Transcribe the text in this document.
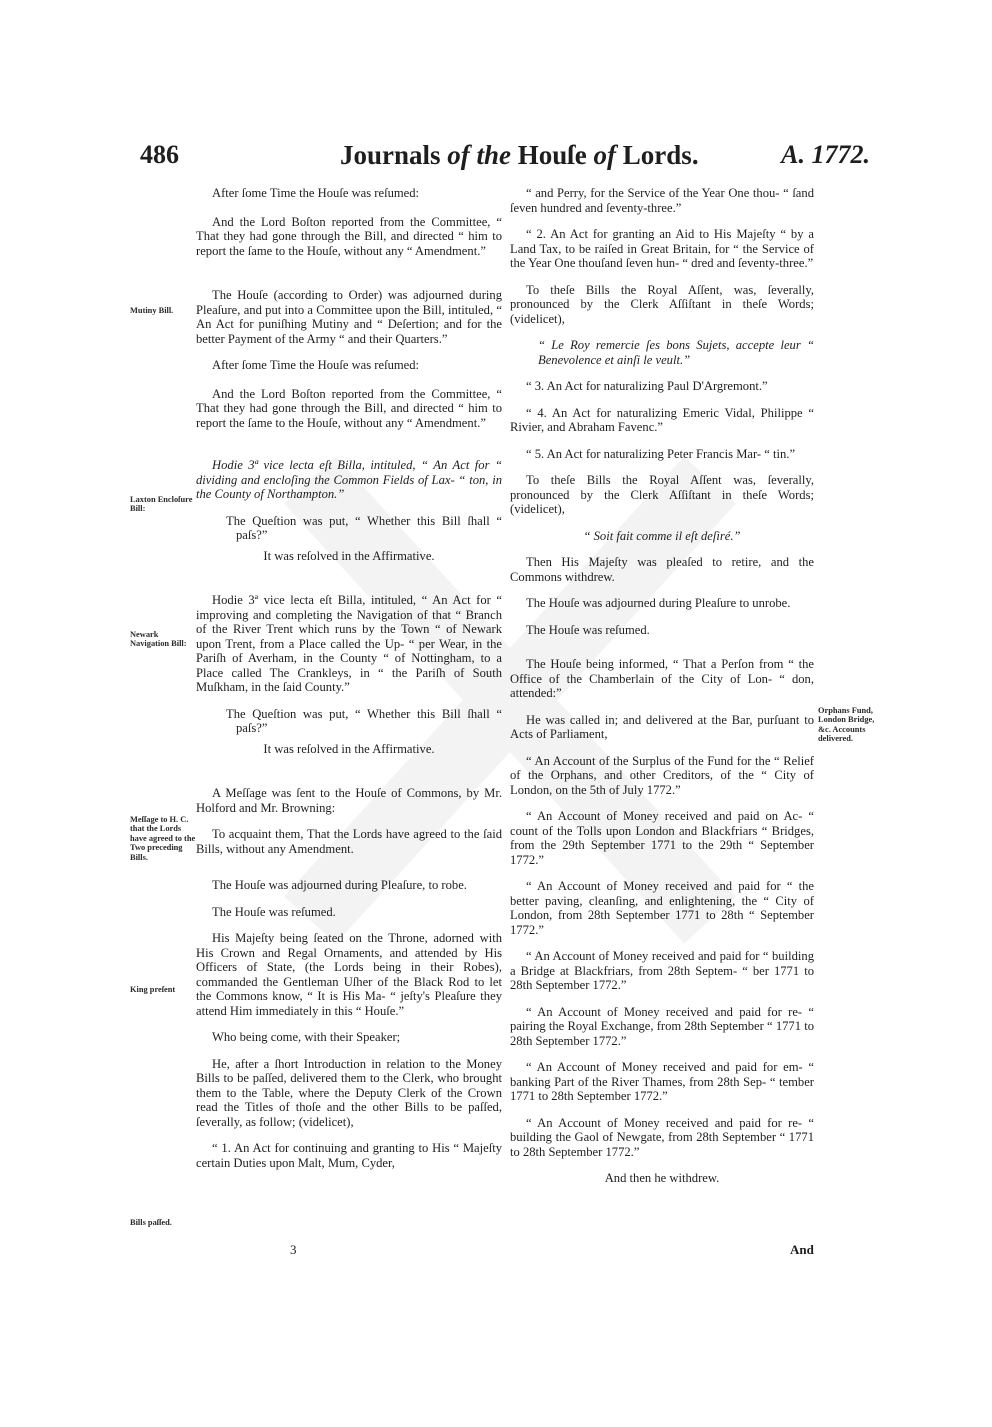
486	Journals of the Houſe of Lords.	A. 1772.
Mutiny Bill.
Laxton Encloſure Bill:
Newark Navigation Bill:
Meſſage to H. C. that the Lords have agreed to the Two preceding Bills.
King preſent
Bills paſſed.
Orphans Fund, London Bridge, &c. Accounts delivered.

After ſome Time the Houſe was reſumed:

And the Lord Boſton reported from the Committee, “ That they had gone through the Bill, and directed “ him to report the ſame to the Houſe, without any “ Amendment.”

The Houſe (according to Order) was adjourned during Pleaſure, and put into a Committee upon the Bill, intituled, “ An Act for puniſhing Mutiny and “ Deſertion; and for the better Payment of the Army “ and their Quarters.”

After ſome Time the Houſe was reſumed:

And the Lord Boſton reported from the Committee, “ That they had gone through the Bill, and directed “ him to report the ſame to the Houſe, without any “ Amendment.”

Hodie 3ª vice lecta eſt Billa, intituled, “ An Act for “ dividing and encloſing the Common Fields of Lax- “ ton, in the County of Northampton.”

The Queſtion was put, “ Whether this Bill ſhall “ paſs?”

It was reſolved in the Affirmative.

Hodie 3ª vice lecta eſt Billa, intituled, “ An Act for “ improving and completing the Navigation of that “ Branch of the River Trent which runs by the Town “ of Newark upon Trent, from a Place called the Up- “ per Wear, in the Pariſh of Averham, in the County “ of Nottingham, to a Place called The Crankleys, in “ the Pariſh of South Muſkham, in the ſaid County.”

The Queſtion was put, “ Whether this Bill ſhall “ paſs?”

It was reſolved in the Affirmative.

A Meſſage was ſent to the Houſe of Commons, by Mr. Holford and Mr. Browning:

To acquaint them, That the Lords have agreed to the ſaid Bills, without any Amendment.

The Houſe was adjourned during Pleaſure, to robe.

The Houſe was reſumed.

His Majeſty being ſeated on the Throne, adorned with His Crown and Regal Ornaments, and attended by His Officers of State, (the Lords being in their Robes), commanded the Gentleman Uſher of the Black Rod to let the Commons know, “ It is His Ma- “ jeſty's Pleaſure they attend Him immediately in this “ Houſe.”

Who being come, with their Speaker;

He, after a ſhort Introduction in relation to the Money Bills to be paſſed, delivered them to the Clerk, who brought them to the Table, where the Deputy Clerk of the Crown read the Titles of thoſe and the other Bills to be paſſed, ſeverally, as follow; (videlicet),

“ 1. An Act for continuing and granting to His “ Majeſty certain Duties upon Malt, Mum, Cyder,

“ and Perry, for the Service of the Year One thou- “ ſand ſeven hundred and ſeventy-three.”

“ 2. An Act for granting an Aid to His Majeſty “ by a Land Tax, to be raiſed in Great Britain, for “ the Service of the Year One thouſand ſeven hun- “ dred and ſeventy-three.”

To theſe Bills the Royal Aſſent, was, ſeverally, pronounced by the Clerk Aſſiſtant in theſe Words; (videlicet),

“ Le Roy remercie ſes bons Sujets, accepte leur “ Benevolence et ainſi le veult.”

“ 3. An Act for naturalizing Paul D'Argremont.”

“ 4. An Act for naturalizing Emeric Vidal, Philippe “ Rivier, and Abraham Favenc.”

“ 5. An Act for naturalizing Peter Francis Mar- “ tin.”

To theſe Bills the Royal Aſſent was, ſeverally, pronounced by the Clerk Aſſiſtant in theſe Words; (videlicet),

“ Soit fait comme il eſt deſiré.”

Then His Majeſty was pleaſed to retire, and the Commons withdrew.

The Houſe was adjourned during Pleaſure to unrobe.

The Houſe was reſumed.

The Houſe being informed, “ That a Perſon from “ the Office of the Chamberlain of the City of Lon- “ don, attended:”

He was called in; and delivered at the Bar, purſuant to Acts of Parliament,

“ An Account of the Surplus of the Fund for the “ Relief of the Orphans, and other Creditors, of the “ City of London, on the 5th of July 1772.”

“ An Account of Money received and paid on Ac- “ count of the Tolls upon London and Blackfriars “ Bridges, from the 29th September 1771 to the 29th “ September 1772.”

“ An Account of Money received and paid for “ the better paving, cleanſing, and enlightening, the “ City of London, from 28th September 1771 to 28th “ September 1772.”

“ An Account of Money received and paid for “ building a Bridge at Blackfriars, from 28th Septem- “ ber 1771 to 28th September 1772.”

“ An Account of Money received and paid for re- “ pairing the Royal Exchange, from 28th September “ 1771 to 28th September 1772.”

“ An Account of Money received and paid for em- “ banking Part of the River Thames, from 28th Sep- “ tember 1771 to 28th September 1772.”

“ An Account of Money received and paid for re- “ building the Gaol of Newgate, from 28th September “ 1771 to 28th September 1772.”

And then he withdrew.

3	And
